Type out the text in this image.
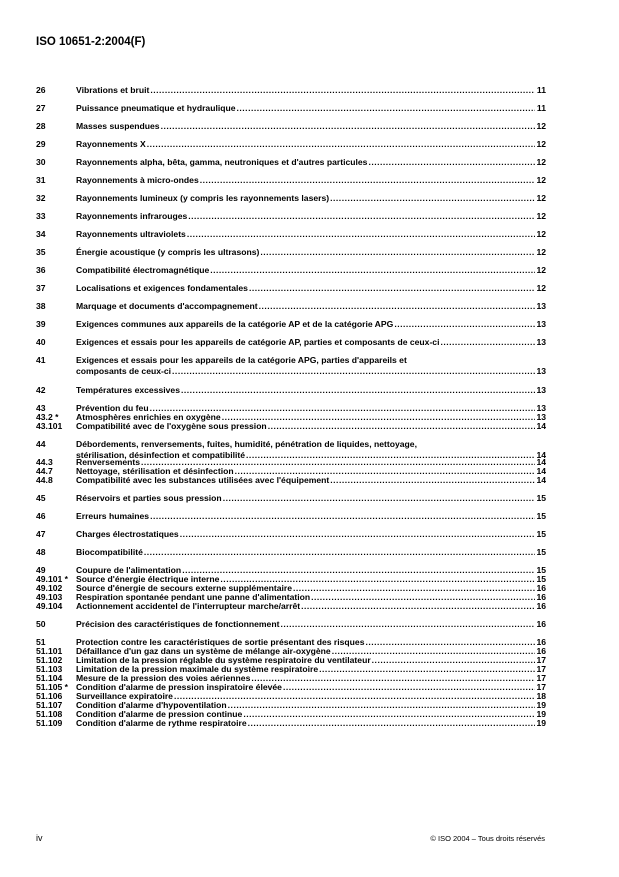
ISO 10651-2:2004(F)
26	Vibrations et bruit .....	11
27	Puissance pneumatique et hydraulique .....	11
28	Masses suspendues .....	12
29	Rayonnements X .....	12
30	Rayonnements alpha, bêta, gamma, neutroniques et d'autres particules .....	12
31	Rayonnements à micro-ondes .....	12
32	Rayonnements lumineux (y compris les rayonnements lasers) .....	12
33	Rayonnements infrarouges .....	12
34	Rayonnements ultraviolets .....	12
35	Énergie acoustique (y compris les ultrasons) .....	12
36	Compatibilité électromagnétique .....	12
37	Localisations et exigences fondamentales .....	12
38	Marquage et documents d'accompagnement .....	13
39	Exigences communes aux appareils de la catégorie AP et de la catégorie APG .....	13
40	Exigences et essais pour les appareils de catégorie AP, parties et composants de ceux-ci .....	13
41	Exigences et essais pour les appareils de la catégorie APG, parties d'appareils et
composants de ceux-ci .....	13
42	Températures excessives .....	13
43	Prévention du feu .....	13
43.2 *	Atmosphères enrichies en oxygène .....	13
43.101	Compatibilité avec de l'oxygène sous pression .....	14
44	Débordements, renversements, fuites, humidité, pénétration de liquides, nettoyage,
stérilisation, désinfection et compatibilité .....	14
44.3	Renversements .....	14
44.7	Nettoyage, stérilisation et désinfection .....	14
44.8	Compatibilité avec les substances utilisées avec l'équipement .....	14
45	Réservoirs et parties sous pression .....	15
46	Erreurs humaines .....	15
47	Charges électrostatiques .....	15
48	Biocompatibilité .....	15
49	Coupure de l'alimentation .....	15
49.101 * Source d'énergie électrique interne .....	15
49.102	Source d'énergie de secours externe supplémentaire .....	16
49.103	Respiration spontanée pendant une panne d'alimentation .....	16
49.104	Actionnement accidentel de l'interrupteur marche/arrêt .....	16
50	Précision des caractéristiques de fonctionnement .....	16
51	Protection contre les caractéristiques de sortie présentant des risques .....	16
51.101	Défaillance d'un gaz dans un système de mélange air-oxygène .....	16
51.102	Limitation de la pression réglable du système respiratoire du ventilateur .....	17
51.103	Limitation de la pression maximale du système respiratoire .....	17
51.104	Mesure de la pression des voies aériennes .....	17
51.105 * Condition d'alarme de pression inspiratoire élevée .....	17
51.106	Surveillance expiratoire .....	18
51.107	Condition d'alarme d'hypoventilation .....	19
51.108	Condition d'alarme de pression continue .....	19
51.109	Condition d'alarme de rythme respiratoire .....	19
iv	© ISO 2004 – Tous droits réservés
